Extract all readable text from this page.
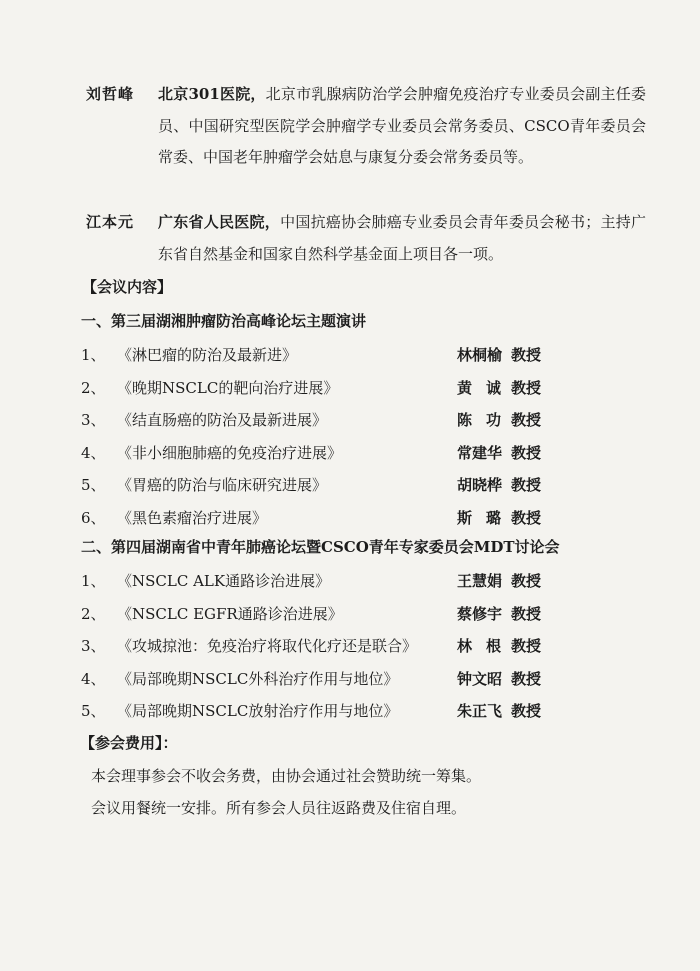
刘哲峰	北京301医院，北京市乳腺病防治学会肿瘤免疫治疗专业委员会副主任委员、中国研究型医院学会肿瘤学专业委员会常务委员、CSCO青年委员会常委、中国老年肿瘤学会姑息与康复分委会常务委员等。
江本元	广东省人民医院，中国抗癌协会肺癌专业委员会青年委员会秘书；主持广东省自然基金和国家自然科学基金面上项目各一项。
【会议内容】
一、第三届湖湘肿瘤防治高峰论坛主题演讲
1、 《淋巴瘤的防治及最新进》	林桐榆 教授
2、 《晚期NSCLC的靶向治疗进展》	黄诚 教授
3、 《结直肠癌的防治及最新进展》	陈功 教授
4、 《非小细胞肺癌的免疫治疗进展》	常建华 教授
5、 《胃癌的防治与临床研究进展》	胡晓桦 教授
6、 《黑色素瘤治疗进展》	斯璐 教授
二、第四届湖南省中青年肺癌论坛暨CSCO青年专家委员会MDT讨论会
1、 《NSCLC ALK通路诊治进展》	王慧娟 教授
2、 《NSCLC EGFR通路诊治进展》	蔡修宇 教授
3、 《攻城掠池：免疫治疗将取代化疗还是联合》	林根 教授
4、 《局部晚期NSCLC外科治疗作用与地位》	钟文昭 教授
5、 《局部晚期NSCLC放射治疗作用与地位》	朱正飞 教授
【参会费用】：
本会理事参会不收会务费，由协会通过社会赞助统一筹集。
会议用餐统一安排。所有参会人员往返路费及住宿自理。
